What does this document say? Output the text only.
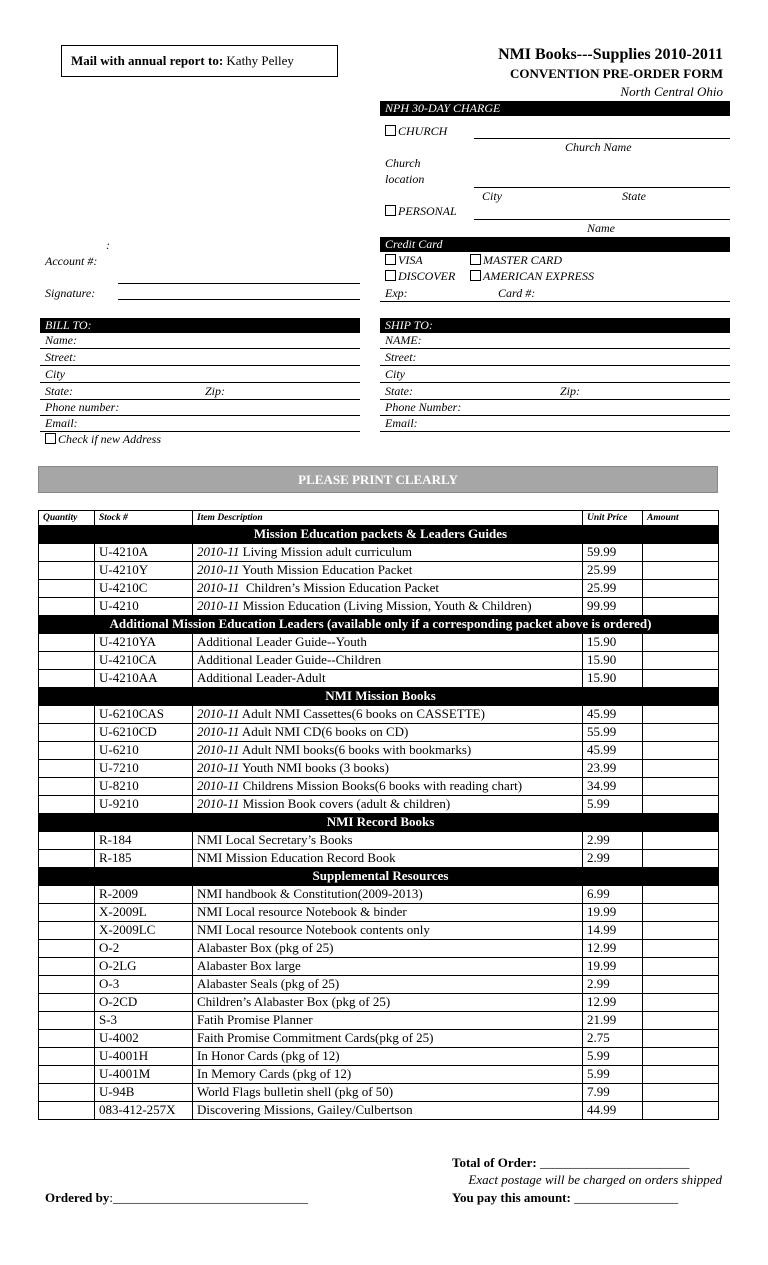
Mail with annual report to: Kathy Pelley	NMI Books---Supplies 2010-2011
CONVENTION PRE-ORDER FORM
North Central Ohio
NPH 30-DAY CHARGE
CHURCH
Church Name
Church
location
City	State
PERSONAL
Name
Credit Card
VISA	MASTER CARD
DISCOVER	AMERICAN EXPRESS
Exp:	Card #:
:
Account #:
Signature:
BILL TO:
Name:
Street:
City
State:	Zip:
Phone number:
Email:
Check if new Address
SHIP TO:
NAME:
Street:
City
State:	Zip:
Phone Number:
Email:
PLEASE PRINT CLEARLY
Quantity	Stock #	Item Description	Unit Price	Amount
Mission Education packets & Leaders Guides				
	U-4210A	2010-11 Living Mission adult curriculum	59.99	
	U-4210Y	2010-11 Youth Mission Education Packet	25.99	
	U-4210C	2010-11  Children’s Mission Education Packet	25.99	
	U-4210	2010-11 Mission Education (Living Mission, Youth & Children)	99.99	
Additional Mission Education Leaders (available only if a corresponding packet above is ordered)				
	U-4210YA	Additional Leader Guide--Youth	15.90	
	U-4210CA	Additional Leader Guide--Children	15.90	
	U-4210AA	Additional Leader-Adult	15.90	
NMI Mission Books				
	U-6210CAS	2010-11 Adult NMI Cassettes(6 books on CASSETTE)	45.99	
	U-6210CD	2010-11 Adult NMI CD(6 books on CD)	55.99	
	U-6210	2010-11 Adult NMI books(6 books with bookmarks)	45.99	
	U-7210	2010-11 Youth NMI books (3 books)	23.99	
	U-8210	2010-11 Childrens Mission Books(6 books with reading chart)	34.99	
	U-9210	2010-11 Mission Book covers (adult & children)	5.99	
NMI Record Books				
	R-184	NMI Local Secretary’s Books	2.99	
	R-185	NMI Mission Education Record Book	2.99	
Supplemental Resources				
	R-2009	NMI handbook & Constitution(2009-2013)	6.99	
	X-2009L	NMI Local resource Notebook & binder	19.99	
	X-2009LC	NMI Local resource Notebook contents only	14.99	
	O-2	Alabaster Box (pkg of 25)	12.99	
	O-2LG	Alabaster Box large	19.99	
	O-3	Alabaster Seals (pkg of 25)	2.99	
	O-2CD	Children’s Alabaster Box (pkg of 25)	12.99	
	S-3	Fatih Promise Planner	21.99	
	U-4002	Faith Promise Commitment Cards(pkg of 25)	2.75	
	U-4001H	In Honor Cards (pkg of 12)	5.99	
	U-4001M	In Memory Cards (pkg of 12)	5.99	
	U-94B	World Flags bulletin shell (pkg of 50)	7.99	
	083-412-257X	Discovering Missions, Gailey/Culbertson	44.99	
Total of Order: _______________________
Exact postage will be charged on orders shipped
Ordered by:______________________________	You pay this amount: ________________
